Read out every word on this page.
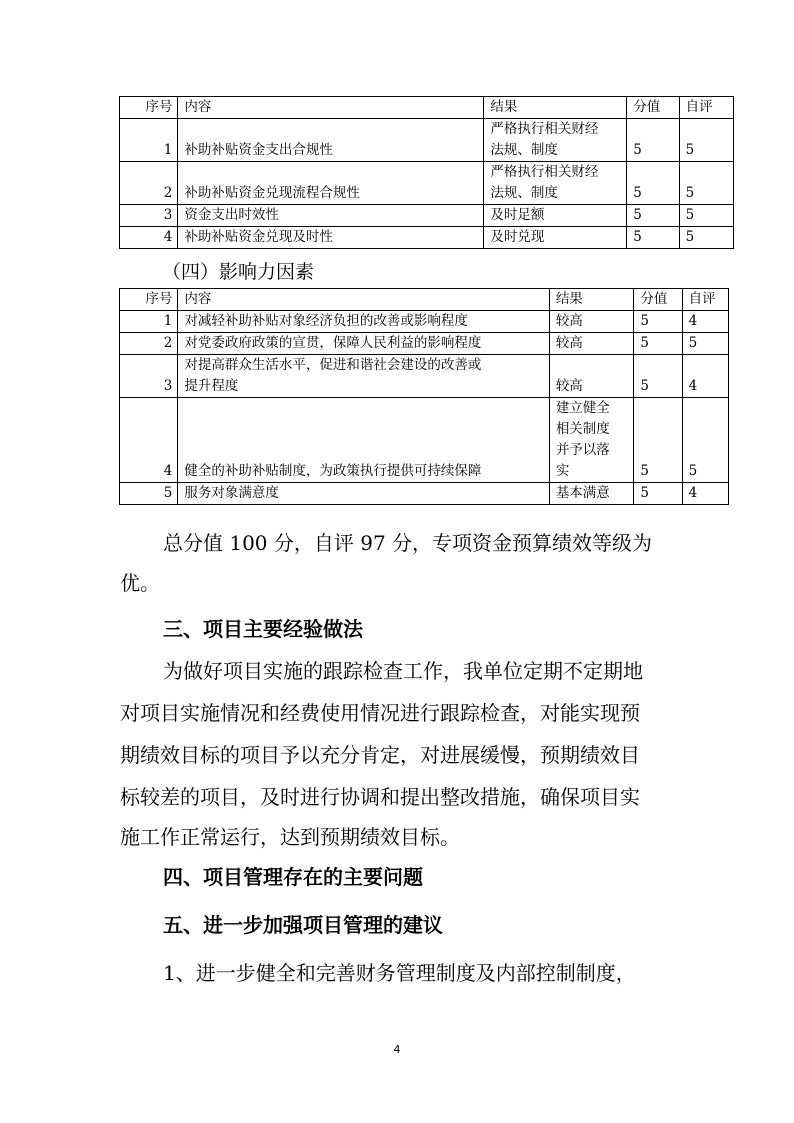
序号	内容	结果	分值	自评
1	补助补贴资金支出合规性	严格执行相关财经
法规、制度	5	5
2	补助补贴资金兑现流程合规性	严格执行相关财经
法规、制度	5	5
3	资金支出时效性	及时足额	5	5
4	补助补贴资金兑现及时性	及时兑现	5	5
（四）影响力因素
序号	内容	结果	分值	自评
1	对减轻补助补贴对象经济负担的改善或影响程度	较高	5	4
2	对党委政府政策的宣贯，保障人民利益的影响程度	较高	5	5
3	对提高群众生活水平，促进和谐社会建设的改善或
提升程度	较高	5	4
4	健全的补助补贴制度，为政策执行提供可持续保障	建立健全
相关制度
并予以落
实	5	5
5	服务对象满意度	基本满意	5	4
总分值 100 分，自评 97 分，专项资金预算绩效等级为
优。
三、项目主要经验做法
为做好项目实施的跟踪检查工作，我单位定期不定期地
对项目实施情况和经费使用情况进行跟踪检查，对能实现预
期绩效目标的项目予以充分肯定，对进展缓慢，预期绩效目
标较差的项目，及时进行协调和提出整改措施，确保项目实
施工作正常运行，达到预期绩效目标。
四、项目管理存在的主要问题
五、进一步加强项目管理的建议
1、进一步健全和完善财务管理制度及内部控制制度，
4
